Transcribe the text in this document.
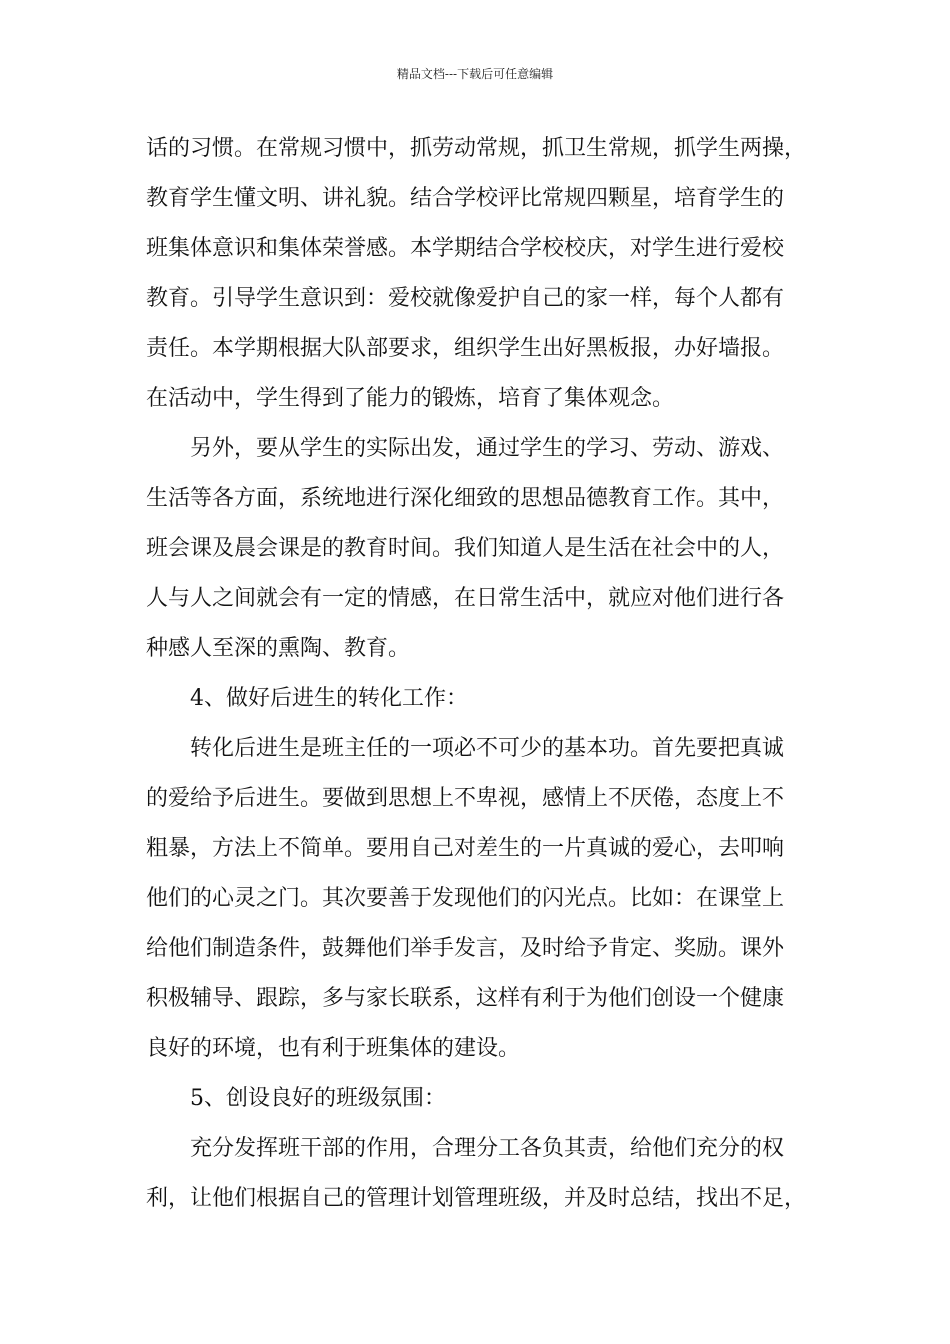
精品文档---下载后可任意编辑
话的习惯。在常规习惯中，抓劳动常规，抓卫生常规，抓学生两操，
教育学生懂文明、讲礼貌。结合学校评比常规四颗星，培育学生的
班集体意识和集体荣誉感。本学期结合学校校庆，对学生进行爱校
教育。引导学生意识到：爱校就像爱护自己的家一样，每个人都有
责任。本学期根据大队部要求，组织学生出好黑板报，办好墙报。
在活动中，学生得到了能力的锻炼，培育了集体观念。
另外，要从学生的实际出发，通过学生的学习、劳动、游戏、
生活等各方面，系统地进行深化细致的思想品德教育工作。其中，
班会课及晨会课是的教育时间。我们知道人是生活在社会中的人，
人与人之间就会有一定的情感，在日常生活中，就应对他们进行各
种感人至深的熏陶、教育。
4、做好后进生的转化工作：
转化后进生是班主任的一项必不可少的基本功。首先要把真诚
的爱给予后进生。要做到思想上不卑视，感情上不厌倦，态度上不
粗暴，方法上不简单。要用自己对差生的一片真诚的爱心，去叩响
他们的心灵之门。其次要善于发现他们的闪光点。比如：在课堂上
给他们制造条件，鼓舞他们举手发言，及时给予肯定、奖励。课外
积极辅导、跟踪，多与家长联系，这样有利于为他们创设一个健康
良好的环境，也有利于班集体的建设。
5、创设良好的班级氛围：
充分发挥班干部的作用，合理分工各负其责，给他们充分的权
利，让他们根据自己的管理计划管理班级，并及时总结，找出不足，
